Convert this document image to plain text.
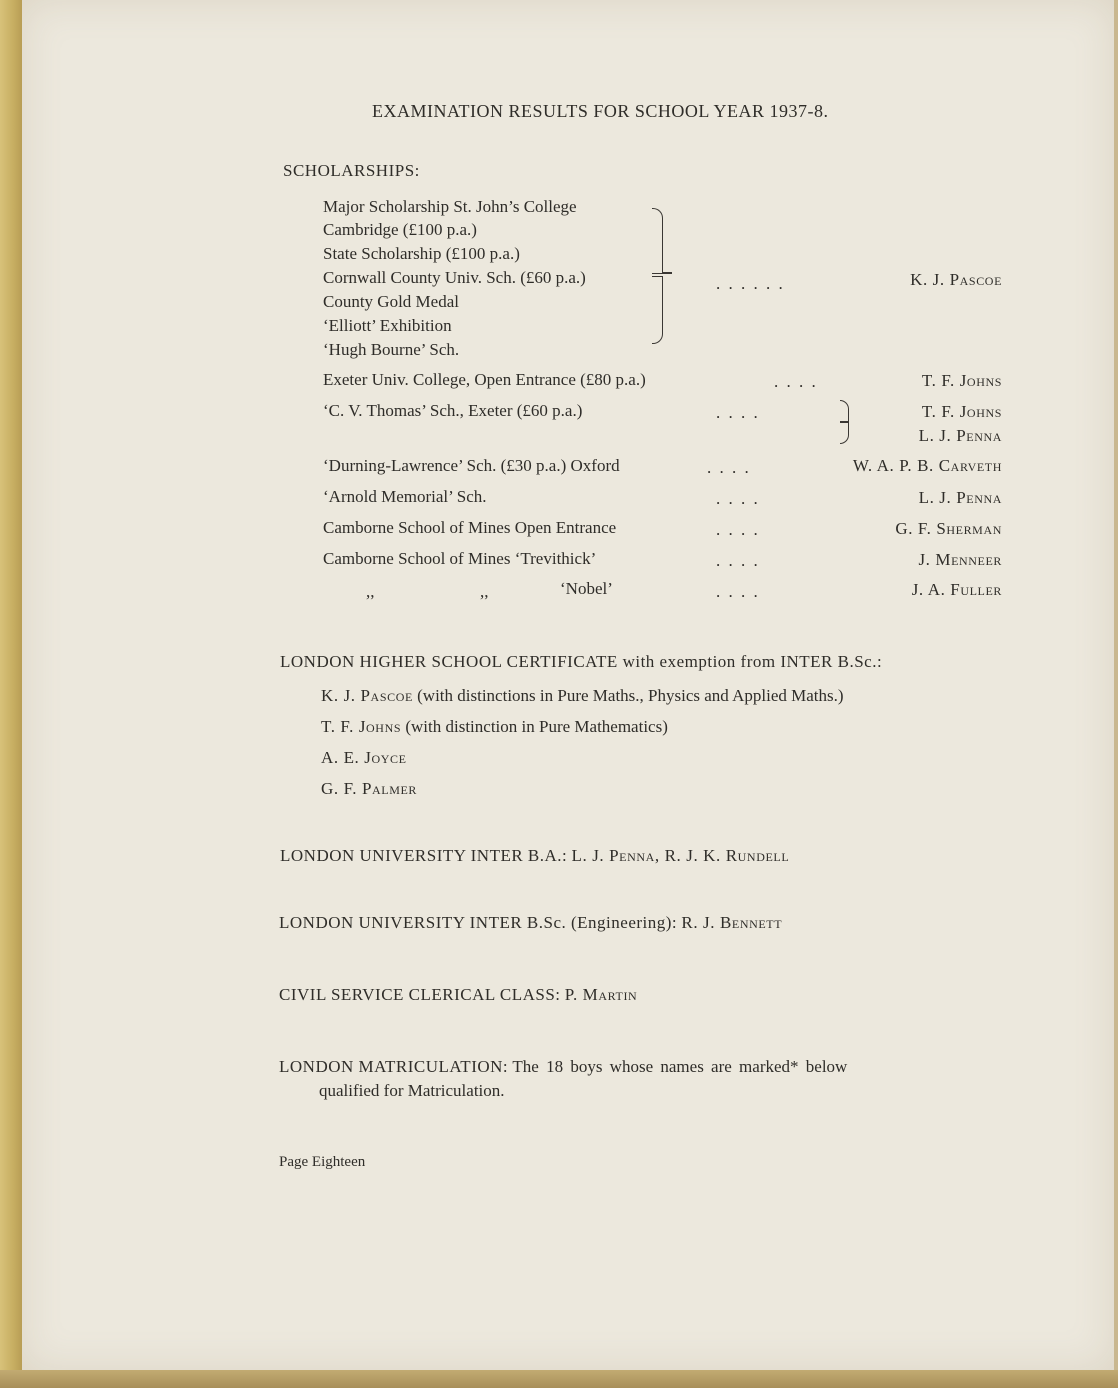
EXAMINATION RESULTS FOR SCHOOL YEAR 1937-8.
SCHOLARSHIPS:
Major Scholarship St. John’s College
Cambridge (£100 p.a.)
State Scholarship (£100 p.a.)
Cornwall County Univ. Sch. (£60 p.a.)
County Gold Medal
‘Elliott’ Exhibition
‘Hugh Bourne’ Sch.
. . . . . .	K. J. Pascoe
Exeter Univ. College, Open Entrance (£80 p.a.)	. . . .	T. F. Johns
‘C. V. Thomas’ Sch., Exeter (£60 p.a.)	. . . .	T. F. Johns
L. J. Penna
‘Durning-Lawrence’ Sch. (£30 p.a.) Oxford	. . . .	W. A. P. B. Carveth
‘Arnold Memorial’ Sch.	. . . .	L. J. Penna
Camborne School of Mines Open Entrance	. . . .	G. F. Sherman
Camborne School of Mines ‘Trevithick’	. . . .	J. Menneer
,,	,,	‘Nobel’	. . . .	J. A. Fuller
LONDON HIGHER SCHOOL CERTIFICATE with exemption from INTER B.Sc.:
K. J. Pascoe (with distinctions in Pure Maths., Physics and Applied Maths.)
T. F. Johns (with distinction in Pure Mathematics)
A. E. Joyce
G. F. Palmer
LONDON UNIVERSITY INTER B.A.: L. J. Penna, R. J. K. Rundell
LONDON UNIVERSITY INTER B.Sc. (Engineering): R. J. Bennett
CIVIL SERVICE CLERICAL CLASS: P. Martin
LONDON MATRICULATION: The 18 boys whose names are marked* below
qualified for Matriculation.
Page Eighteen
